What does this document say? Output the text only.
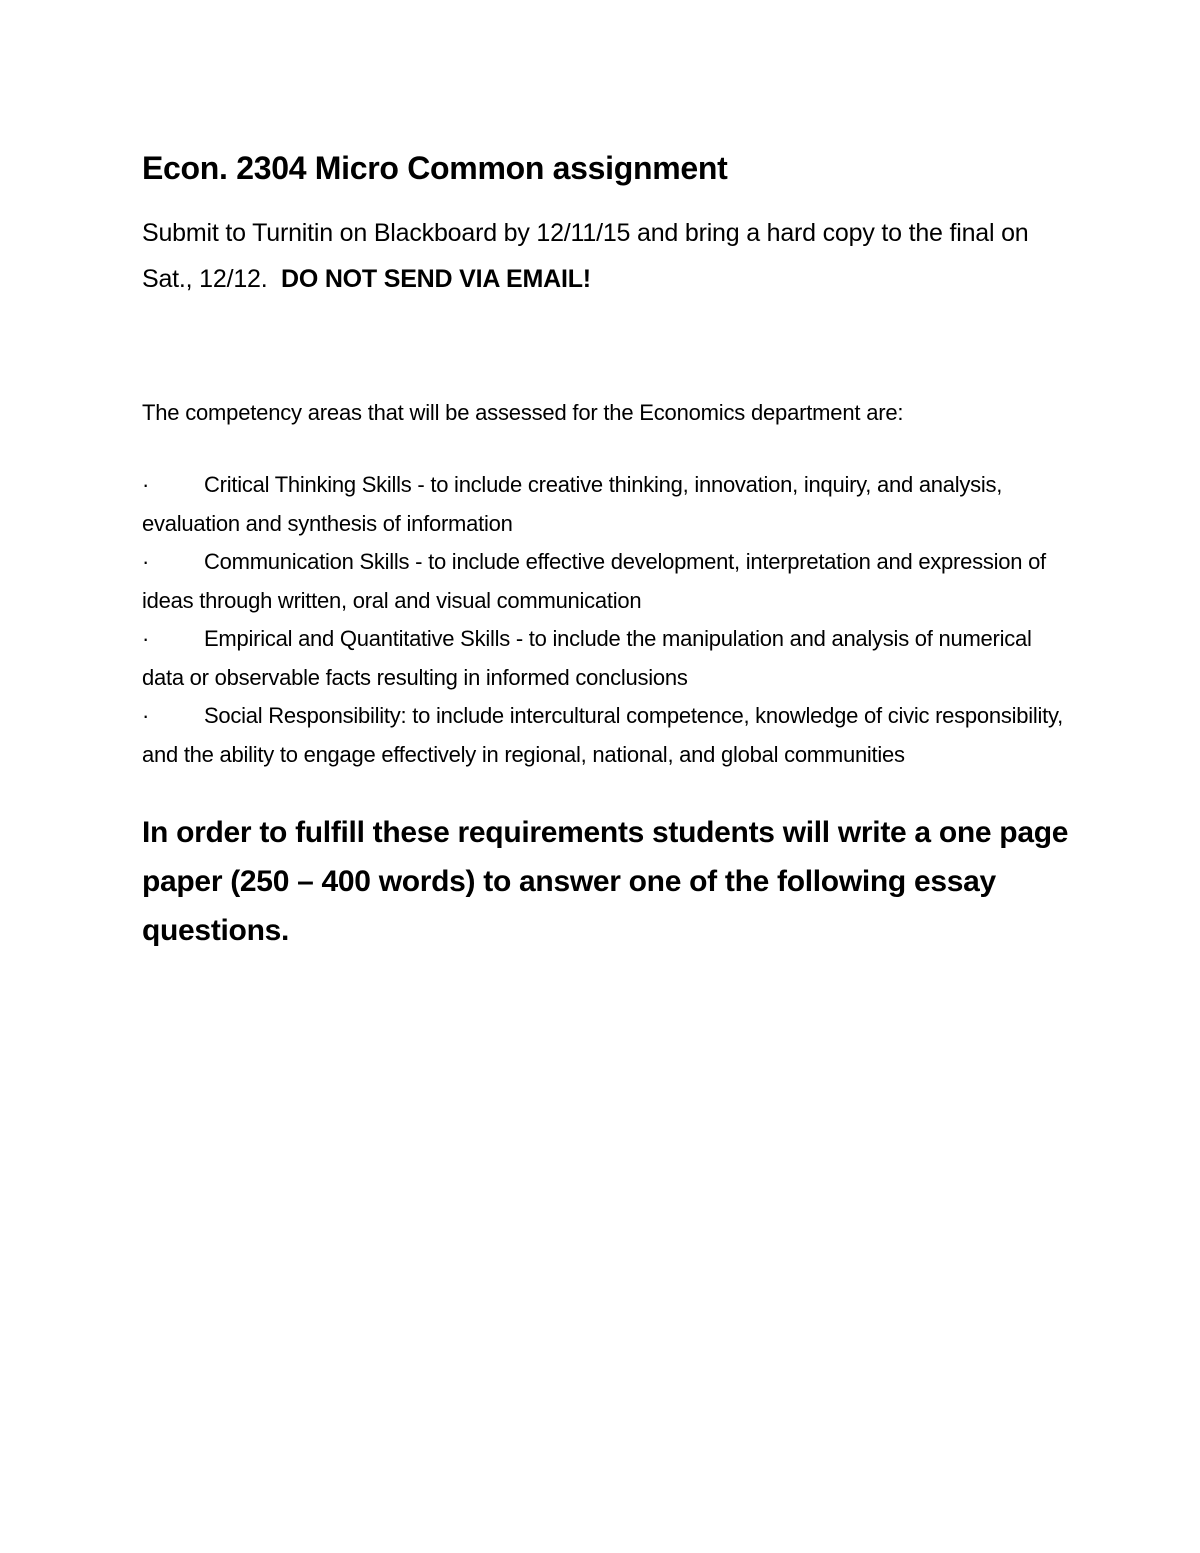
Econ. 2304 Micro Common assignment

Submit to Turnitin on Blackboard by 12/11/15 and bring a hard copy to the final on Sat., 12/12. DO NOT SEND VIA EMAIL!

The competency areas that will be assessed for the Economics department are:

· Critical Thinking Skills - to include creative thinking, innovation, inquiry, and analysis, evaluation and synthesis of information
· Communication Skills - to include effective development, interpretation and expression of ideas through written, oral and visual communication
· Empirical and Quantitative Skills - to include the manipulation and analysis of numerical data or observable facts resulting in informed conclusions
· Social Responsibility: to include intercultural competence, knowledge of civic responsibility, and the ability to engage effectively in regional, national, and global communities

In order to fulfill these requirements students will write a one page paper (250 – 400 words) to answer one of the following essay questions.
